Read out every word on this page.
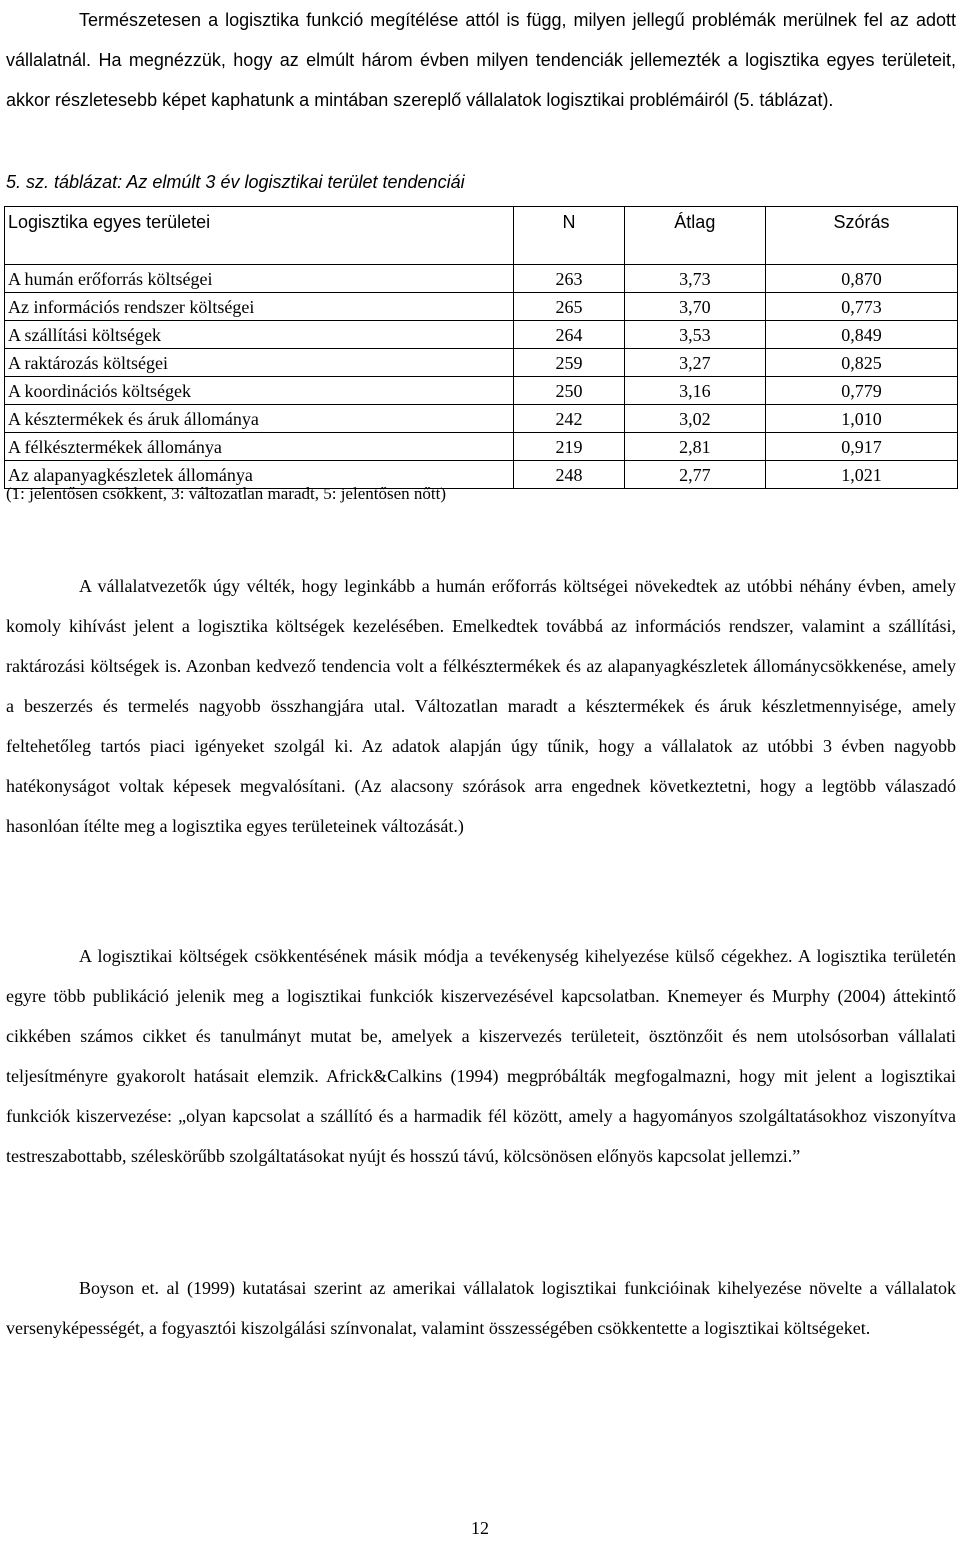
Természetesen a logisztika funkció megítélése attól is függ, milyen jellegű problémák merülnek fel az adott vállalatnál. Ha megnézzük, hogy az elmúlt három évben milyen tendenciák jellemezték a logisztika egyes területeit, akkor részletesebb képet kaphatunk a mintában szereplő vállalatok logisztikai problémáiról (5. táblázat).

5. sz. táblázat: Az elmúlt 3 év logisztikai terület tendenciái
Logisztika egyes területei	N	Átlag	Szórás
A humán erőforrás költségei	263	3,73	0,870
Az információs rendszer költségei	265	3,70	0,773
A szállítási költségek	264	3,53	0,849
A raktározás költségei	259	3,27	0,825
A koordinációs költségek	250	3,16	0,779
A késztermékek és áruk állománya	242	3,02	1,010
A félkésztermékek állománya	219	2,81	0,917
Az alapanyagkészletek állománya	248	2,77	1,021
(1: jelentősen csökkent, 3: változatlan maradt, 5: jelentősen nőtt)

A vállalatvezetők úgy vélték, hogy leginkább a humán erőforrás költségei növekedtek az utóbbi néhány évben, amely komoly kihívást jelent a logisztika költségek kezelésében. Emelkedtek továbbá az információs rendszer, valamint a szállítási, raktározási költségek is. Azonban kedvező tendencia volt a félkésztermékek és az alapanyagkészletek állománycsökkenése, amely a beszerzés és termelés nagyobb összhangjára utal. Változatlan maradt a késztermékek és áruk készletmennyisége, amely feltehetőleg tartós piaci igényeket szolgál ki. Az adatok alapján úgy tűnik, hogy a vállalatok az utóbbi 3 évben nagyobb hatékonyságot voltak képesek megvalósítani. (Az alacsony szórások arra engednek következtetni, hogy a legtöbb válaszadó hasonlóan ítélte meg a logisztika egyes területeinek változását.)

A logisztikai költségek csökkentésének másik módja a tevékenység kihelyezése külső cégekhez. A logisztika területén egyre több publikáció jelenik meg a logisztikai funkciók kiszervezésével kapcsolatban. Knemeyer és Murphy (2004) áttekintő cikkében számos cikket és tanulmányt mutat be, amelyek a kiszervezés területeit, ösztönzőit és nem utolsósorban vállalati teljesítményre gyakorolt hatásait elemzik. Africk&Calkins (1994) megpróbálták megfogalmazni, hogy mit jelent a logisztikai funkciók kiszervezése: „olyan kapcsolat a szállító és a harmadik fél között, amely a hagyományos szolgáltatásokhoz viszonyítva testreszabottabb, széleskörűbb szolgáltatásokat nyújt és hosszú távú, kölcsönösen előnyös kapcsolat jellemzi.”

Boyson et. al (1999) kutatásai szerint az amerikai vállalatok logisztikai funkcióinak kihelyezése növelte a vállalatok versenyképességét, a fogyasztói kiszolgálási színvonalat, valamint összességében csökkentette a logisztikai költségeket.

12
